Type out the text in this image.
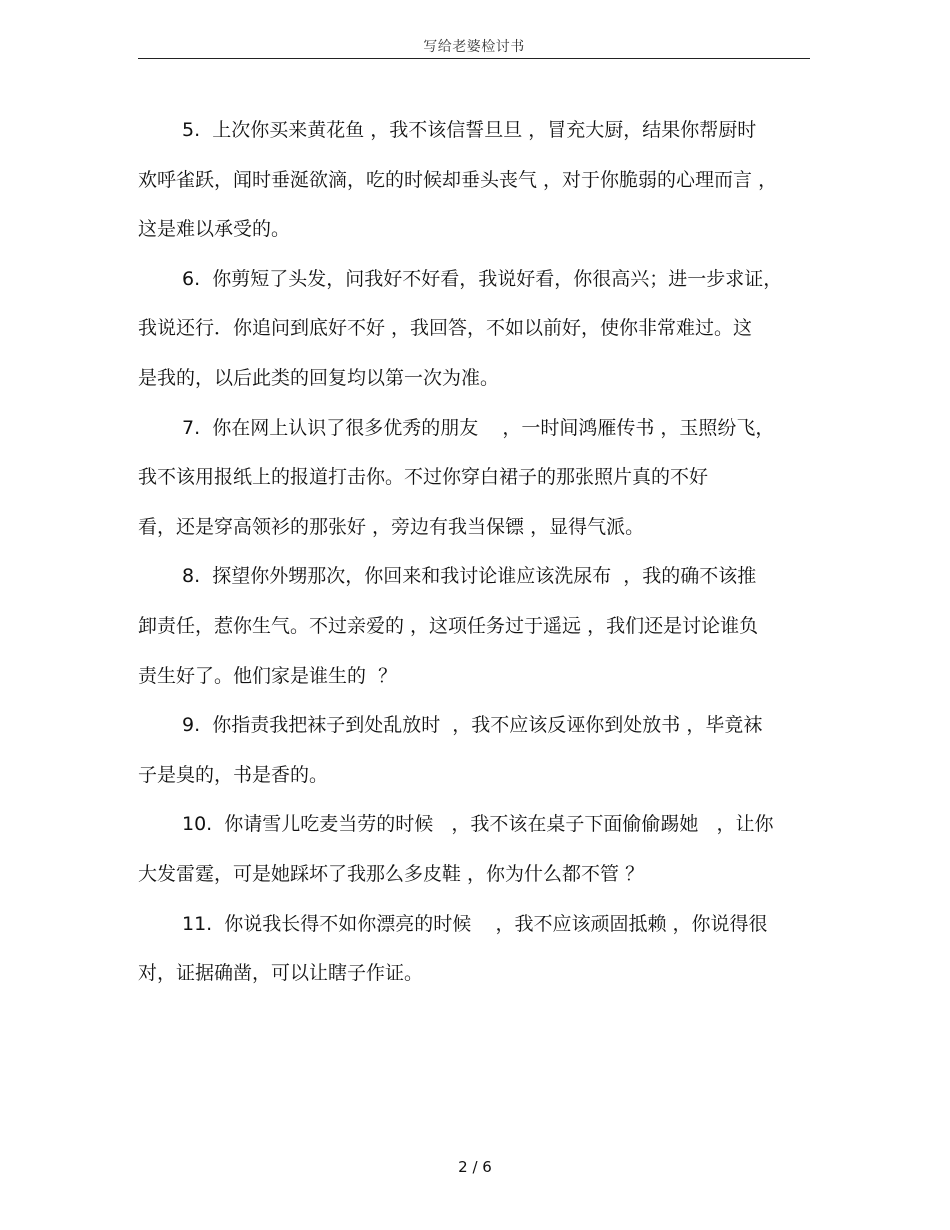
写给老婆检讨书
5.  上次你买来黄花鱼 ，我不该信誓旦旦 ，冒充大厨，结果你帮厨时
欢呼雀跃，闻时垂涎欲滴，吃的时候却垂头丧气 ，对于你脆弱的心理而言 ，
这是难以承受的。
6.  你剪短了头发，问我好不好看，我说好看，你很高兴；进一步求证，
我说还行．你追问到底好不好 ，我回答，不如以前好，使你非常难过。这
是我的，以后此类的回复均以第一次为准。
7.  你在网上认识了很多优秀的朋友    ，一时间鸿雁传书 ，玉照纷飞，
我不该用报纸上的报道打击你。不过你穿白裙子的那张照片真的不好
看，还是穿高领衫的那张好 ，旁边有我当保镖 ，显得气派。
8.  探望你外甥那次，你回来和我讨论谁应该洗尿布  ，我的确不该推
卸责任，惹你生气。不过亲爱的 ，这项任务过于遥远 ，我们还是讨论谁负
责生好了。他们家是谁生的  ？
9.  你指责我把袜子到处乱放时  ，我不应该反诬你到处放书 ，毕竟袜
子是臭的，书是香的。
10.  你请雪儿吃麦当劳的时候   ，我不该在桌子下面偷偷踢她   ，让你
大发雷霆，可是她踩坏了我那么多皮鞋 ，你为什么都不管 ？
11.  你说我长得不如你漂亮的时候    ，我不应该顽固抵赖 ，你说得很
对，证据确凿，可以让瞎子作证。
2 / 6
